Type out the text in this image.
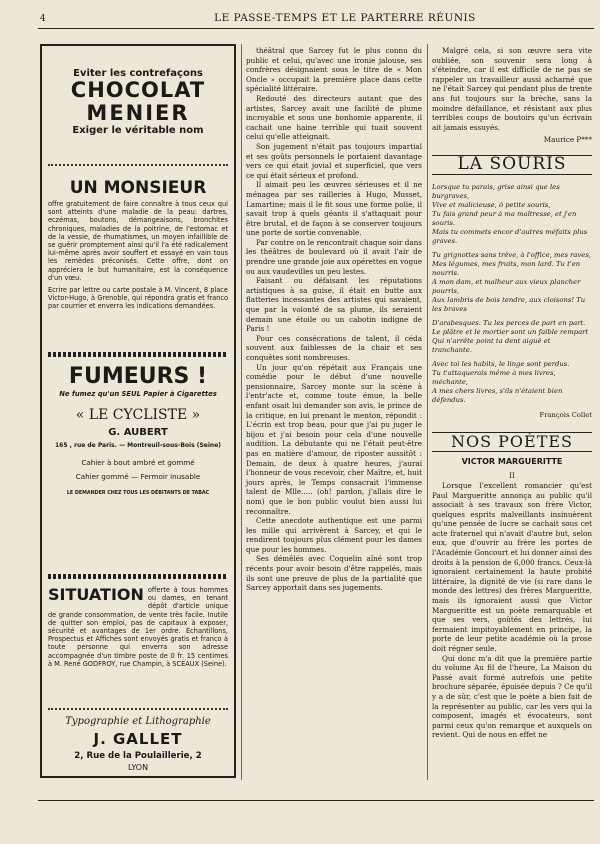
4	LE PASSE-TEMPS ET LE PARTERRE RÉUNIS

Eviter les contrefaçons

CHOCOLAT

MENIER

Exiger le véritable nom

UN MONSIEUR

offre gratuitement de faire connaître à tous ceux qui sont atteints d'une maladie de la peau: dartres, eczémas, boutons, démangeaisons, bronchites chroniques, maladies de la poitrine, de l'estomac et de la vessie, de rhumatismes, un moyen infaillible de se guérir promptement ainsi qu'il l'a été radicalement lui-même après avoir souffert et essayé en vain tous les remèdes préconisés. Cette offre, dont on appréciera le but humanitaire, est la conséquence d'un vœu.

Ecrire par lettre ou carte postale à M. Vincent, 8 place Victor-Hugo, à Grenoble, qui répondra gratis et franco par courrier et enverra les indications demandées.

FUMEURS !

Ne fumez qu'un SEUL Papier à Cigarettes

« LE CYCLISTE »

G. AUBERT

165 , rue de Paris. — Montreuil-sous-Bois (Seine)

Cahier à bout ambré et gommé

Cahier gommé — Fermoir inusable

LE DEMANDER CHEZ TOUS LES DÉBITANTS DE TABAC

SITUATION offerte à tous hommes ou dames, en tenant dépôt d'article unique de grande consommation, de vente très facile. Inutile de quitter son emploi, pas de capitaux à exposer, sécurité et avantages de 1er ordre. Echantillons, Prospectus et Affiches sont envoyés gratis et franco à toute personne qui enverra son adresse accompagnée d'un timbre poste de 0 fr. 15 centimes à M. René GODFROY, rue Champin, à SCEAUX (Seine).

Typographie et Lithographie

J. GALLET

2, Rue de la Poulaillerie, 2

LYON

théâtral que Sarcey fut le plus connu du public et celui, qu'avec une ironie jalouse, ses confrères désignaient sous le titre de « Mon Oncle » occupait la première place dans cette spécialité littéraire.

Redouté des directeurs autant que des artistes, Sarcey avait une facilité de plume incroyable et sous une bonhomie apparente, il cachait une haine terrible qui tuait souvent celui qu'elle atteignait.

Son jugement n'était pas toujours impartial et ses goûts personnels le portaient davantage vers ce qui était jovial et superficiel, que vers ce qui était sérieux et profond.

Il aimait peu les œuvres sérieuses et il ne ménagea par ses railleries à Hugo, Musset, Lamartine; mais il le fit sous une forme polie, il savait trop à quels géants il s'attaquait pour être brutal, et de façon à se conserver toujours une porte de sortie convenable.

Par contre on le rencontrait chaque soir dans les théâtres de boulevard où il avait l'air de prendre une grande joie aux opérettes en vogue ou aux vaudevilles un peu lestes.

Faisant ou défaisant les réputations artistiques à sa guise, il était en butte aux flatteries incessantes des artistes qui savaient, que par la volonté de sa plume, ils seraient demain une étoile ou un cabotin indigne de Paris !

Pour ces consécrations de talent, il céda souvent aux faiblesses de la chair et ses conquêtes sont nombreuses.

Un jour qu'on répétait aux Français une comédie pour le début d'une nouvelle pensionnaire, Sarcey monte sur la scène à l'entr'acte et, comme toute émue, la belle enfant osait lui demander son avis, le prince de la critique, en lui prenant le menton, répondit : L'écrin est trop beau, pour que j'ai pu juger le bijou et j'ai besoin pour cela d'une nouvelle audition. La débutante qui ne l'était peut-être pas en matière d'amour, de riposter aussitôt : Demain, de deux à quatre heures, j'aurai l'honneur de vous recevoir, cher Maître, et, huit jours après, le Temps consacrait l'immense talent de Mlle..... (oh! pardon, j'allais dire le nom) que le bon public voulut bien aussi lui reconnaître.

Cette anecdote authentique est une parmi les mille qui arrivèrent à Sarcey, et qui le rendirent toujours plus clément pour les dames que pour les hommes.

Ses démêlés avec Coquelin aîné sont trop récents pour avoir besoin d'être rappelés, mais ils sont une preuve de plus de la partialité que Sarcey apportait dans ses jugements.

Malgré cela, si son œuvre sera vite oubliée, son souvenir sera long à s'éteindre, car il est difficile de ne pas se rappeler un travailleur aussi acharné que ne l'était Sarcey qui pendant plus de trente ans fut toujours sur la brèche, sans la moindre défaillance, et résistant aux plus terribles coups de boutoirs qu'un écrivain ait jamais essuyés.

Maurice P***

LA SOURIS

Lorsque tu parais, grise ainsi que les burgraves,

Vive et malicieuse, ô petite souris,

Tu fais grand peur à ma maîtresse, et j'en souris.

Mais tu commets encor d'autres méfaits plus graves.

Tu grignottes sans trêve, à l'office, mes raves,

Mes légumes, mes fruits, mon lard. Tu t'en nourris.

A mon dam, et malheur aux vieux plancher pourris,

Aux lambris de bois tendre, aux cloisons! Tu les braves

D'arabesques. Tu les perces de part en part.

Le plâtre et le mortier sont un faible rempart

Qui n'arrête point ta dent aiguë et tranchante.

Avec toi les habits, le linge sont perdus.

Tu t'attaquerais même à mes livres, méchante,

A mes chers livres, s'ils n'étaient bien défendus.

François Collet

NOS POÈTES

VICTOR MARGUERITTE

II

Lorsque l'excellent romancier qu'est Paul Margueritte annonça au public qu'il associait à ses travaux son frère Victor, quelques esprits malveillants insinuèrent qu'une pensée de lucre se cachait sous cet acte fraternel qui n'avait d'autre but, selon eux, que d'ouvrir au frère les portes de l'Académie Goncourt et lui donner ainsi des droits à la pension de 6,000 francs. Ceux-là ignoraient certainement la haute probité littéraire, la dignité de vie (si rare dans le monde des lettres) des frères Margueritte, mais ils ignoraient aussi que Victor Margueritte est un poète remarquable et que ses vers, goûtés des lettrés, lui fermaient impitoyablement en principe, la porte de leur petite académie où la prose doit régner seule.

Qui donc m'a dit que la première partie du volume Au fil de l'heure, La Maison du Passé avait formé autrefois une petite brochure séparée, épuisée depuis ? Ce qu'il y a de sûr, c'est que le poète a bien fait de la représenter au public, car les vers qui la composent, imagés et évocateurs, sont parmi ceux qu'on remarque et auxquels on revient. Qui de nous en effet ne
